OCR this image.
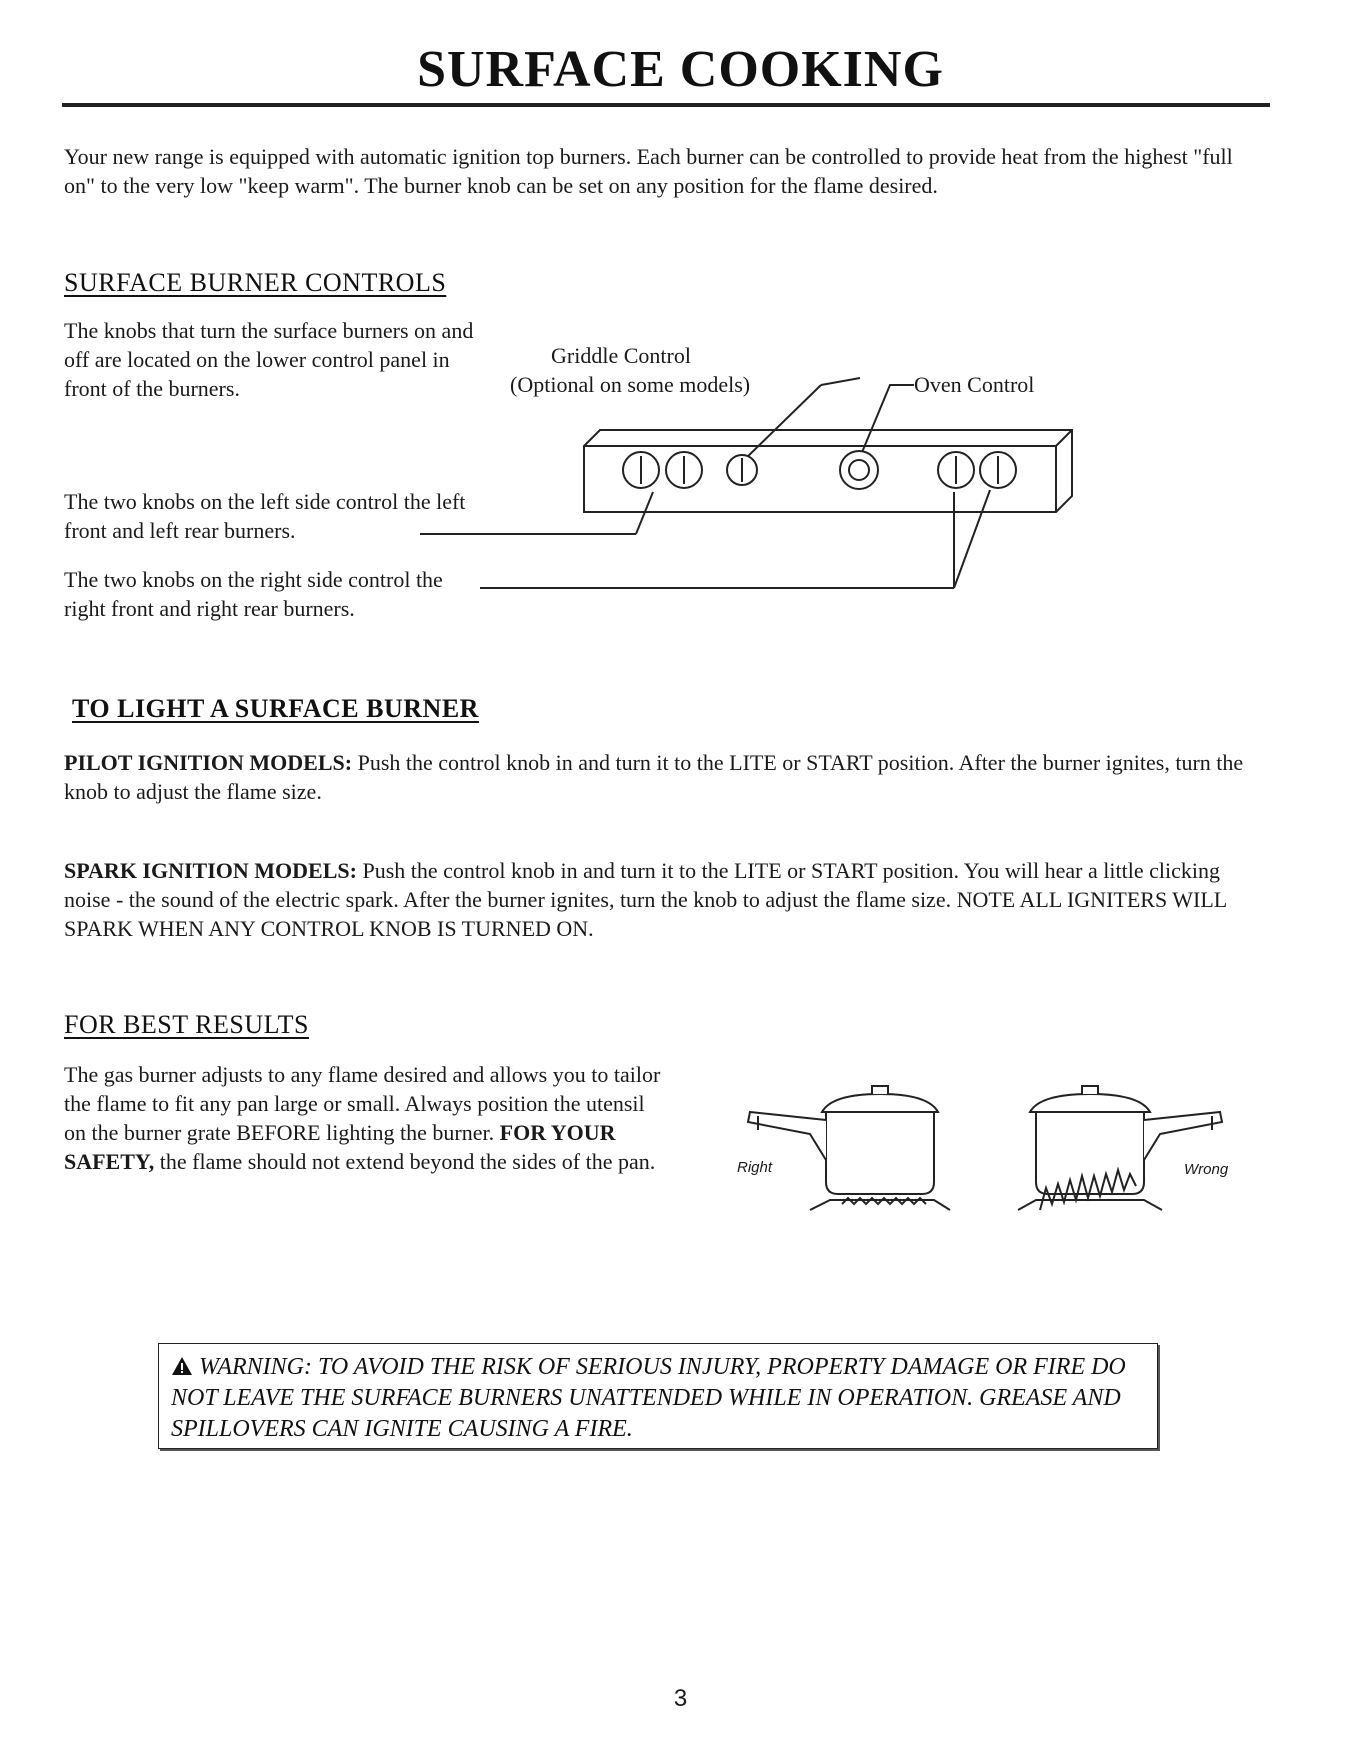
SURFACE COOKING
Your new range is equipped with automatic ignition top burners. Each burner can be controlled to provide heat from the highest "full on" to the very low "keep warm". The burner knob can be set on any position for the flame desired.
SURFACE BURNER CONTROLS
The knobs that turn the surface burners on and off are located on the lower control panel in front of the burners.
Griddle Control
(Optional on some models)	Oven Control
The two knobs on the left side control the left front and left rear burners.
The two knobs on the right side control the right front and right rear burners.
TO LIGHT A SURFACE BURNER
PILOT IGNITION MODELS: Push the control knob in and turn it to the LITE or START position. After the burner ignites, turn the knob to adjust the flame size.
SPARK IGNITION MODELS: Push the control knob in and turn it to the LITE or START position. You will hear a little clicking noise - the sound of the electric spark. After the burner ignites, turn the knob to adjust the flame size. NOTE ALL IGNITERS WILL SPARK WHEN ANY CONTROL KNOB IS TURNED ON.
FOR BEST RESULTS
The gas burner adjusts to any flame desired and allows you to tailor the flame to fit any pan large or small. Always position the utensil on the burner grate BEFORE lighting the burner. FOR YOUR SAFETY, the flame should not extend beyond the sides of the pan.	Right	Wrong
WARNING: TO AVOID THE RISK OF SERIOUS INJURY, PROPERTY DAMAGE OR FIRE DO NOT LEAVE THE SURFACE BURNERS UNATTENDED WHILE IN OPERATION. GREASE AND SPILLOVERS CAN IGNITE CAUSING A FIRE.
3
